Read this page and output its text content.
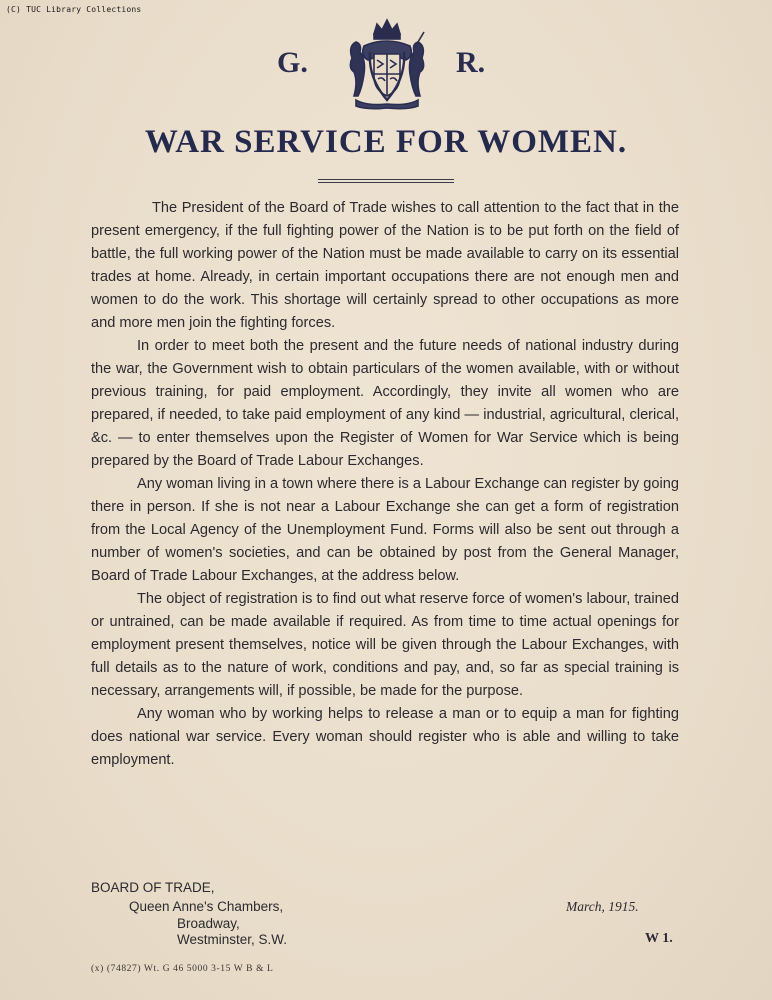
(C) TUC Library Collections
G.	R.
WAR SERVICE FOR WOMEN.

The President of the Board of Trade wishes to call attention to the fact that in the present emergency, if the full fighting power of the Nation is to be put forth on the field of battle, the full working power of the Nation must be made available to carry on its essential trades at home. Already, in certain important occupations there are not enough men and women to do the work. This shortage will certainly spread to other occupations as more and more men join the fighting forces.

In order to meet both the present and the future needs of national industry during the war, the Government wish to obtain particulars of the women available, with or without previous training, for paid employment. Accordingly, they invite all women who are prepared, if needed, to take paid employment of any kind — industrial, agricultural, clerical, &c. — to enter themselves upon the Register of Women for War Service which is being prepared by the Board of Trade Labour Exchanges.

Any woman living in a town where there is a Labour Exchange can register by going there in person. If she is not near a Labour Exchange she can get a form of registration from the Local Agency of the Unemployment Fund. Forms will also be sent out through a number of women's societies, and can be obtained by post from the General Manager, Board of Trade Labour Exchanges, at the address below.

The object of registration is to find out what reserve force of women's labour, trained or untrained, can be made available if required. As from time to time actual openings for employment present themselves, notice will be given through the Labour Exchanges, with full details as to the nature of work, conditions and pay, and, so far as special training is necessary, arrangements will, if possible, be made for the purpose.

Any woman who by working helps to release a man or to equip a man for fighting does national war service. Every woman should register who is able and willing to take employment.

BOARD OF TRADE,
Queen Anne's Chambers,
Broadway,
Westminster, S.W.
March, 1915.
W 1.
(x) (74827) Wt. G 46 5000 3-15 W B & L
